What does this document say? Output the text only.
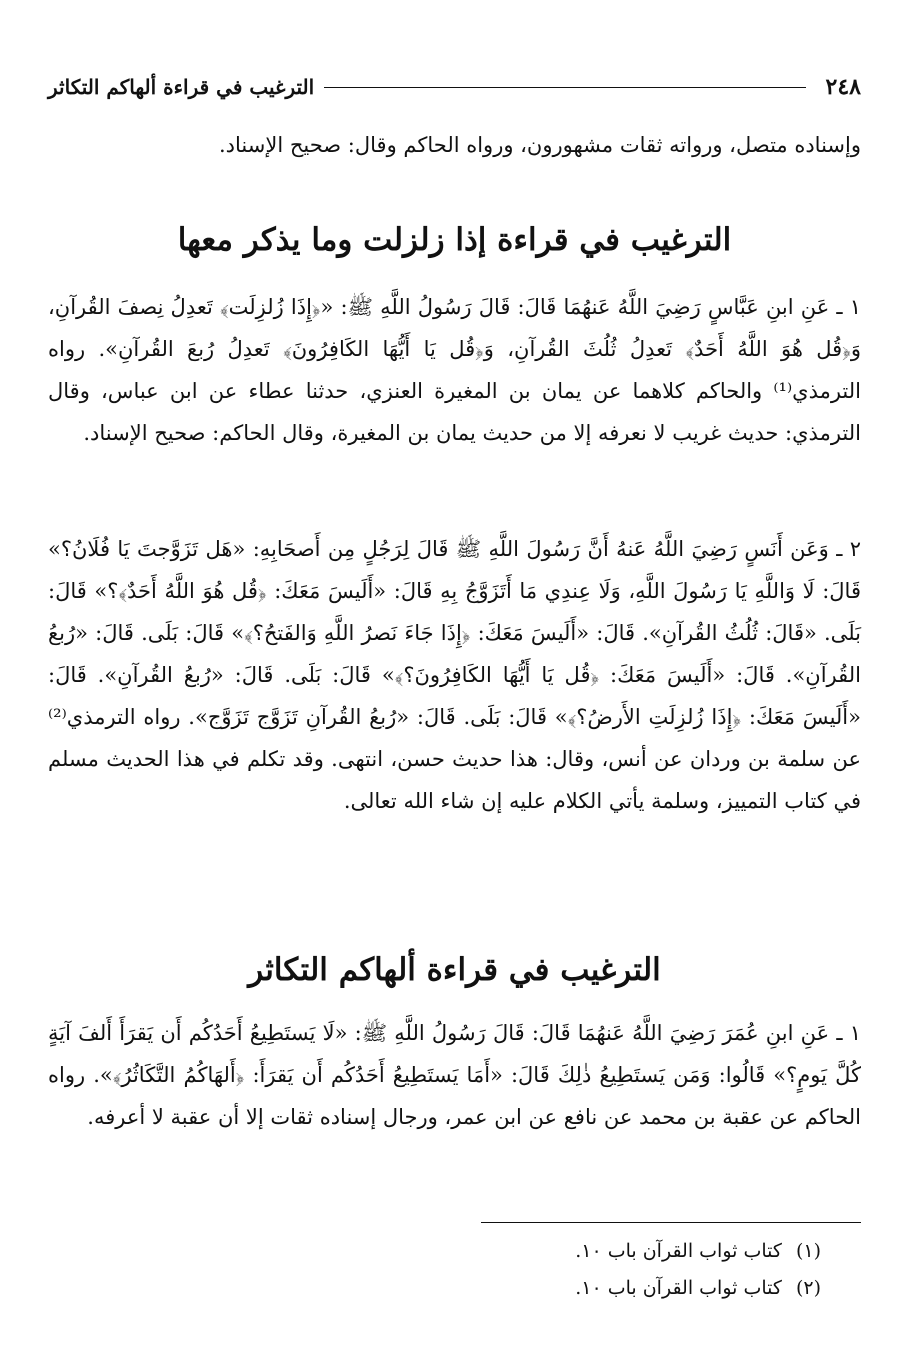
٢٤٨
الترغيب في قراءة ألهاكم التكاثر
وإسناده متصل، ورواته ثقات مشهورون، ورواه الحاكم وقال: صحيح الإسناد.
الترغيب في قراءة إذا زلزلت وما يذكر معها
١ ـ عَنِ ابنِ عَبَّاسٍ رَضِيَ اللَّهُ عَنهُمَا قَالَ: قَالَ رَسُولُ اللَّهِ ﷺ: «﴿إِذَا زُلزِلَت﴾ تَعدِلُ نِصفَ القُرآنِ، وَ﴿قُل هُوَ اللَّهُ أَحَدٌ﴾ تَعدِلُ ثُلُثَ القُرآنِ، وَ﴿قُل يَا أَيُّهَا الكَافِرُونَ﴾ تَعدِلُ رُبعَ القُرآنِ». رواه الترمذي⁽¹⁾ والحاكم كلاهما عن يمان بن المغيرة العنزي، حدثنا عطاء عن ابن عباس، وقال الترمذي: حديث غريب لا نعرفه إلا من حديث يمان بن المغيرة، وقال الحاكم: صحيح الإسناد.
٢ ـ وَعَن أَنَسٍ رَضِيَ اللَّهُ عَنهُ أَنَّ رَسُولَ اللَّهِ ﷺ قَالَ لِرَجُلٍ مِن أَصحَابِهِ: «هَل تَزَوَّجتَ يَا فُلَانُ؟» قَالَ: لَا وَاللَّهِ يَا رَسُولَ اللَّهِ، وَلَا عِندِي مَا أَتَزَوَّجُ بِهِ قَالَ: «أَلَيسَ مَعَكَ: ﴿قُل هُوَ اللَّهُ أَحَدٌ﴾؟» قَالَ: بَلَى. «قَالَ: ثُلُثُ القُرآنِ». قَالَ: «أَلَيسَ مَعَكَ: ﴿إِذَا جَاءَ نَصرُ اللَّهِ وَالفَتحُ؟﴾» قَالَ: بَلَى. قَالَ: «رُبعُ القُرآنِ». قَالَ: «أَلَيسَ مَعَكَ: ﴿قُل يَا أَيُّهَا الكَافِرُونَ؟﴾» قَالَ: بَلَى. قَالَ: «رُبعُ القُرآنِ». قَالَ: «أَلَيسَ مَعَكَ: ﴿إِذَا زُلزِلَتِ الأَرضُ؟﴾» قَالَ: بَلَى. قَالَ: «رُبعُ القُرآنِ تَزَوَّج تَزَوَّج». رواه الترمذي⁽²⁾ عن سلمة بن وردان عن أنس، وقال: هذا حديث حسن، انتهى. وقد تكلم في هذا الحديث مسلم في كتاب التمييز، وسلمة يأتي الكلام عليه إن شاء الله تعالى.
الترغيب في قراءة ألهاكم التكاثر
١ ـ عَنِ ابنِ عُمَرَ رَضِيَ اللَّهُ عَنهُمَا قَالَ: قَالَ رَسُولُ اللَّهِ ﷺ: «لَا يَستَطِيعُ أَحَدُكُم أَن يَقرَأَ أَلفَ آيَةٍ كُلَّ يَومٍ؟» قَالُوا: وَمَن يَستَطِيعُ ذٰلِكَ قَالَ: «أَمَا يَستَطِيعُ أَحَدُكُم أَن يَقرَأَ: ﴿أَلهَاكُمُ التَّكَاثُرُ﴾». رواه الحاكم عن عقبة بن محمد عن نافع عن ابن عمر، ورجال إسناده ثقات إلا أن عقبة لا أعرفه.
(١)كتاب ثواب القرآن باب ١٠.
(٢)كتاب ثواب القرآن باب ١٠.
